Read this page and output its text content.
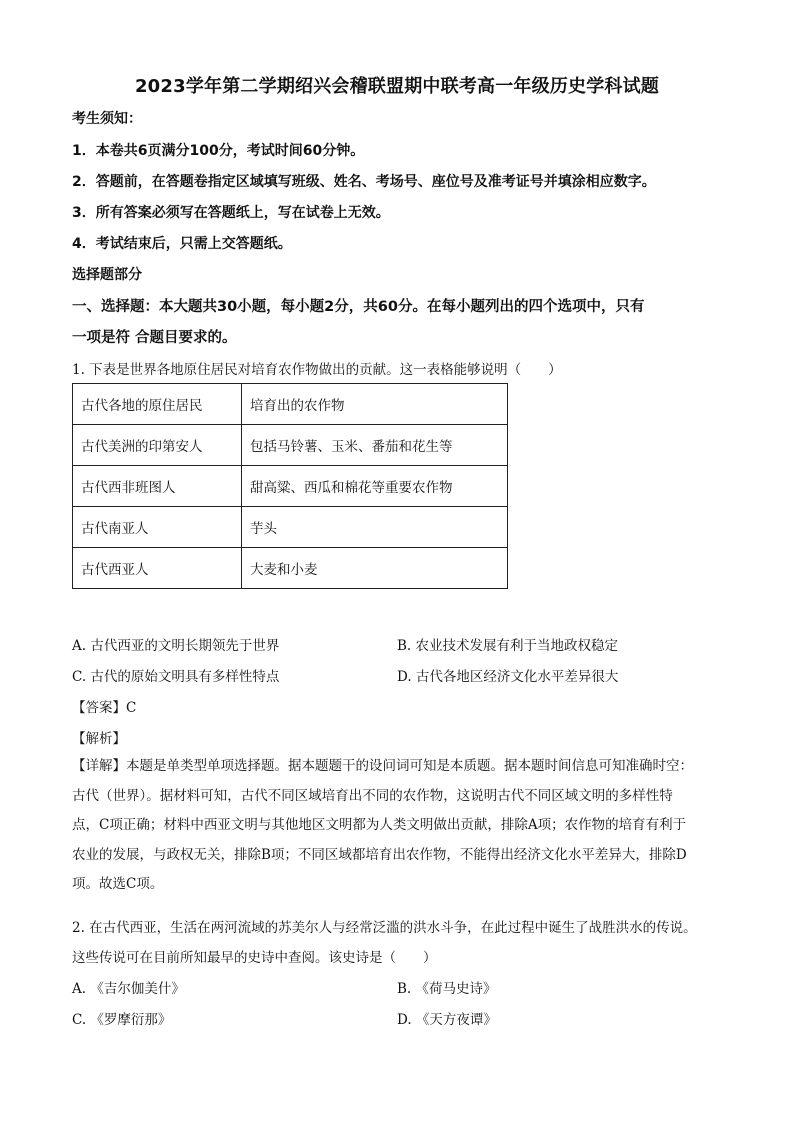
2023学年第二学期绍兴会稽联盟期中联考高一年级历史学科试题
考生须知：
1．本卷共6页满分100分，考试时间60分钟。
2．答题前，在答题卷指定区域填写班级、姓名、考场号、座位号及准考证号并填涂相应数字。
3．所有答案必须写在答题纸上，写在试卷上无效。
4．考试结束后，只需上交答题纸。
选择题部分
一、选择题：本大题共30小题，每小题2分，共60分。在每小题列出的四个选项中，只有
一项是符 合题目要求的。
1. 下表是世界各地原住居民对培育农作物做出的贡献。这一表格能够说明（　　）
古代各地的原住居民	培育出的农作物
古代美洲的印第安人	包括马铃薯、玉米、番茄和花生等
古代西非班图人	甜高粱、西瓜和棉花等重要农作物
古代南亚人	芋头
古代西亚人	大麦和小麦
A. 古代西亚的文明长期领先于世界	B. 农业技术发展有利于当地政权稳定
C. 古代的原始文明具有多样性特点	D. 古代各地区经济文化水平差异很大
【答案】C
【解析】
【详解】本题是单类型单项选择题。据本题题干的设问词可知是本质题。据本题时间信息可知准确时空：
古代（世界）。据材料可知，古代不同区域培育出不同的农作物，这说明古代不同区域文明的多样性特
点，C项正确；材料中西亚文明与其他地区文明都为人类文明做出贡献，排除A项；农作物的培育有利于
农业的发展，与政权无关，排除B项；不同区域都培育出农作物，不能得出经济文化水平差异大，排除D
项。故选C项。
2. 在古代西亚，生活在两河流域的苏美尔人与经常泛滥的洪水斗争，在此过程中诞生了战胜洪水的传说。
这些传说可在目前所知最早的史诗中查阅。该史诗是（　　）
A. 《吉尔伽美什》	B. 《荷马史诗》
C. 《罗摩衍那》	D. 《天方夜谭》
